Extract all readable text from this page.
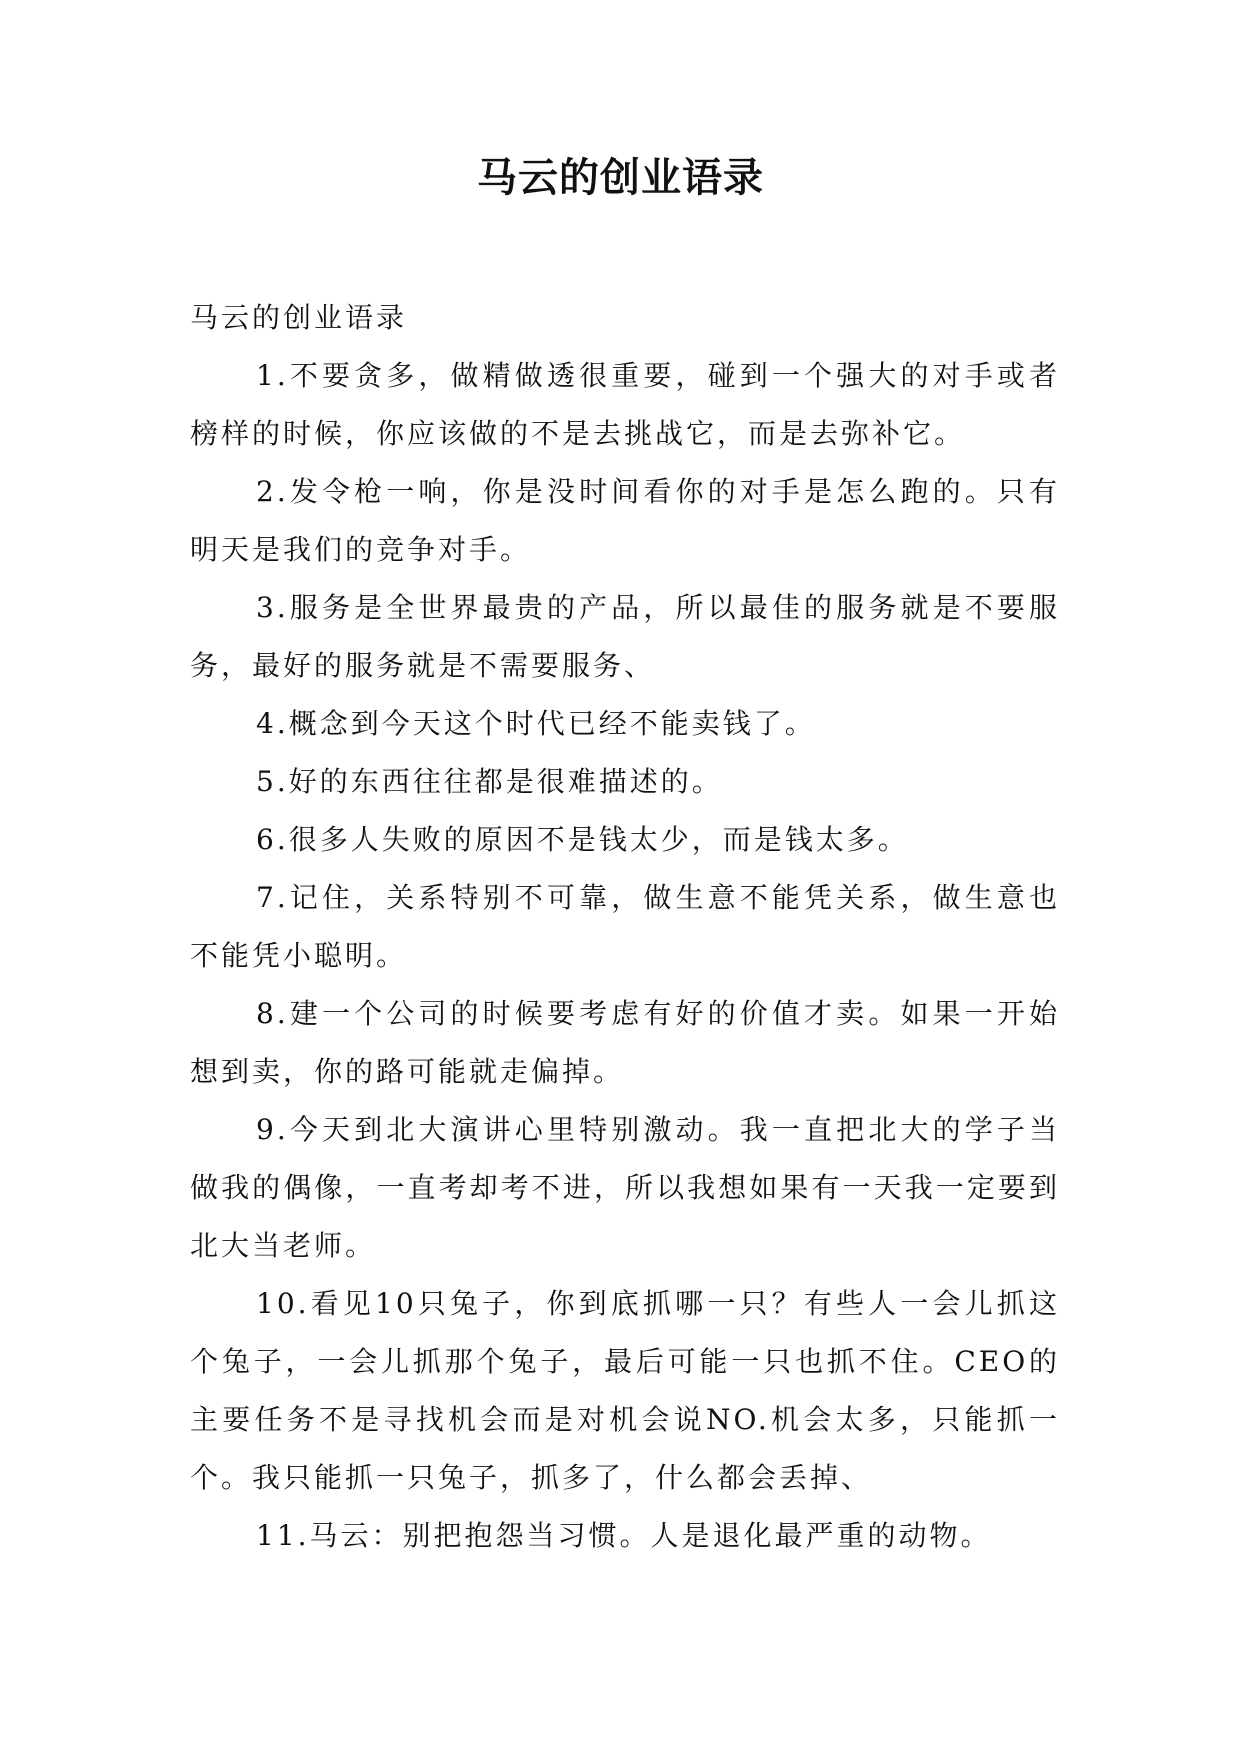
马云的创业语录

马云的创业语录

1.不要贪多，做精做透很重要，碰到一个强大的对手或者榜样的时候，你应该做的不是去挑战它，而是去弥补它。

2.发令枪一响，你是没时间看你的对手是怎么跑的。只有明天是我们的竞争对手。

3.服务是全世界最贵的产品，所以最佳的服务就是不要服务，最好的服务就是不需要服务、

4.概念到今天这个时代已经不能卖钱了。

5.好的东西往往都是很难描述的。

6.很多人失败的原因不是钱太少，而是钱太多。

7.记住，关系特别不可靠，做生意不能凭关系，做生意也不能凭小聪明。

8.建一个公司的时候要考虑有好的价值才卖。如果一开始想到卖，你的路可能就走偏掉。

9.今天到北大演讲心里特别激动。我一直把北大的学子当做我的偶像，一直考却考不进，所以我想如果有一天我一定要到北大当老师。

10.看见10只兔子，你到底抓哪一只？有些人一会儿抓这个兔子，一会儿抓那个兔子，最后可能一只也抓不住。CEO的主要任务不是寻找机会而是对机会说NO.机会太多，只能抓一个。我只能抓一只兔子，抓多了，什么都会丢掉、

11.马云：别把抱怨当习惯。人是退化最严重的动物。
